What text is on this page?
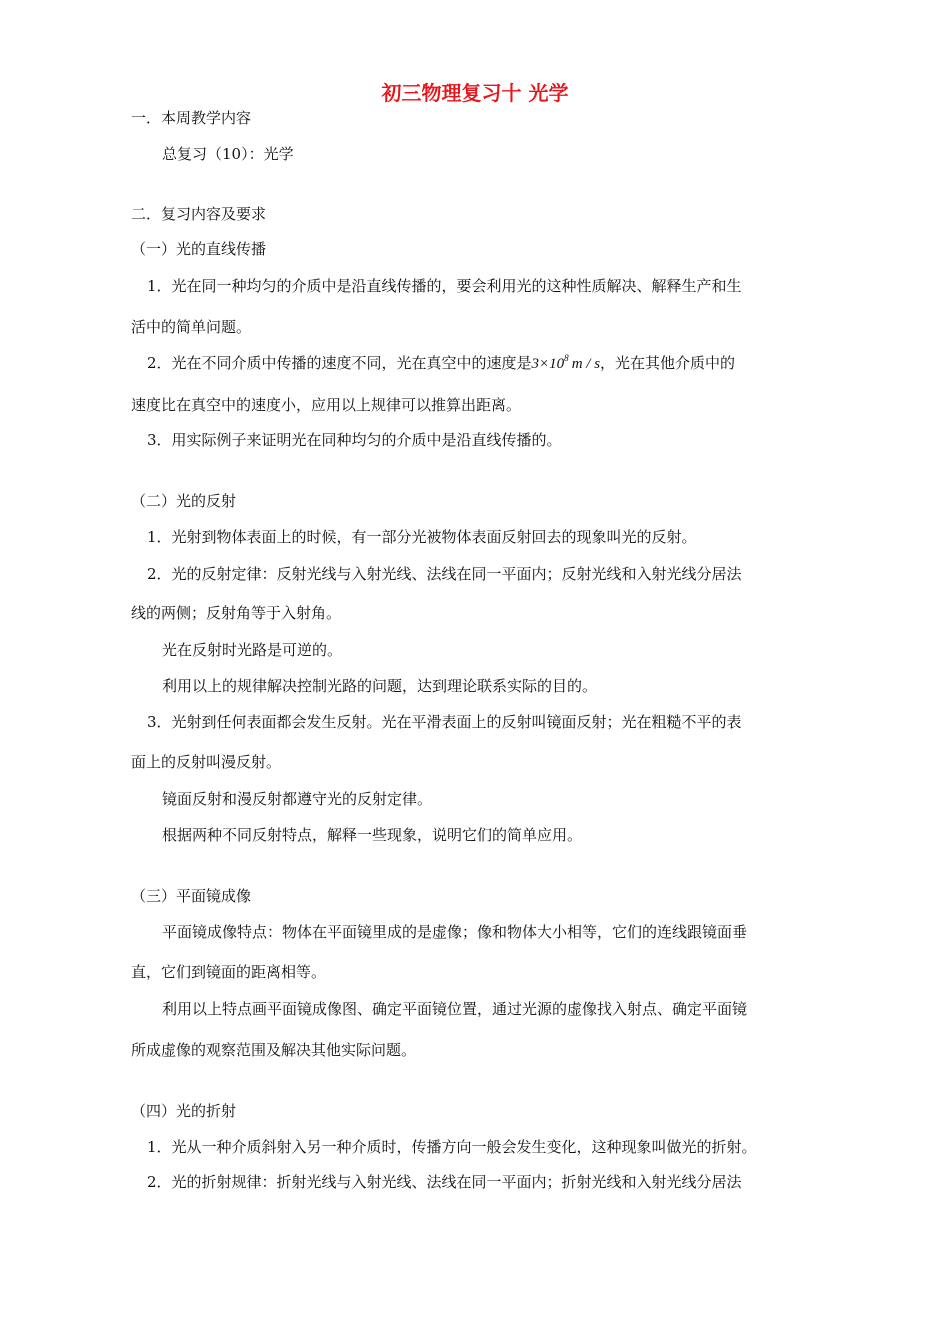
初三物理复习十 光学
一．本周教学内容
总复习（10）：光学
二．复习内容及要求
（一）光的直线传播
1．光在同一种均匀的介质中是沿直线传播的，要会利用光的这种性质解决、解释生产和生
活中的简单问题。
2．光在不同介质中传播的速度不同，光在真空中的速度是$3\times 10^8$  m / s，光在其他介质中的
速度比在真空中的速度小，应用以上规律可以推算出距离。
3．用实际例子来证明光在同种均匀的介质中是沿直线传播的。
（二）光的反射
1．光射到物体表面上的时候，有一部分光被物体表面反射回去的现象叫光的反射。
2．光的反射定律：反射光线与入射光线、法线在同一平面内；反射光线和入射光线分居法
线的两侧；反射角等于入射角。
光在反射时光路是可逆的。
利用以上的规律解决控制光路的问题，达到理论联系实际的目的。
3．光射到任何表面都会发生反射。光在平滑表面上的反射叫镜面反射；光在粗糙不平的表
面上的反射叫漫反射。
镜面反射和漫反射都遵守光的反射定律。
根据两种不同反射特点，解释一些现象，说明它们的简单应用。
（三）平面镜成像
平面镜成像特点：物体在平面镜里成的是虚像；像和物体大小相等，它们的连线跟镜面垂
直，它们到镜面的距离相等。
利用以上特点画平面镜成像图、确定平面镜位置，通过光源的虚像找入射点、确定平面镜
所成虚像的观察范围及解决其他实际问题。
（四）光的折射
1．光从一种介质斜射入另一种介质时，传播方向一般会发生变化，这种现象叫做光的折射。
2．光的折射规律：折射光线与入射光线、法线在同一平面内；折射光线和入射光线分居法
